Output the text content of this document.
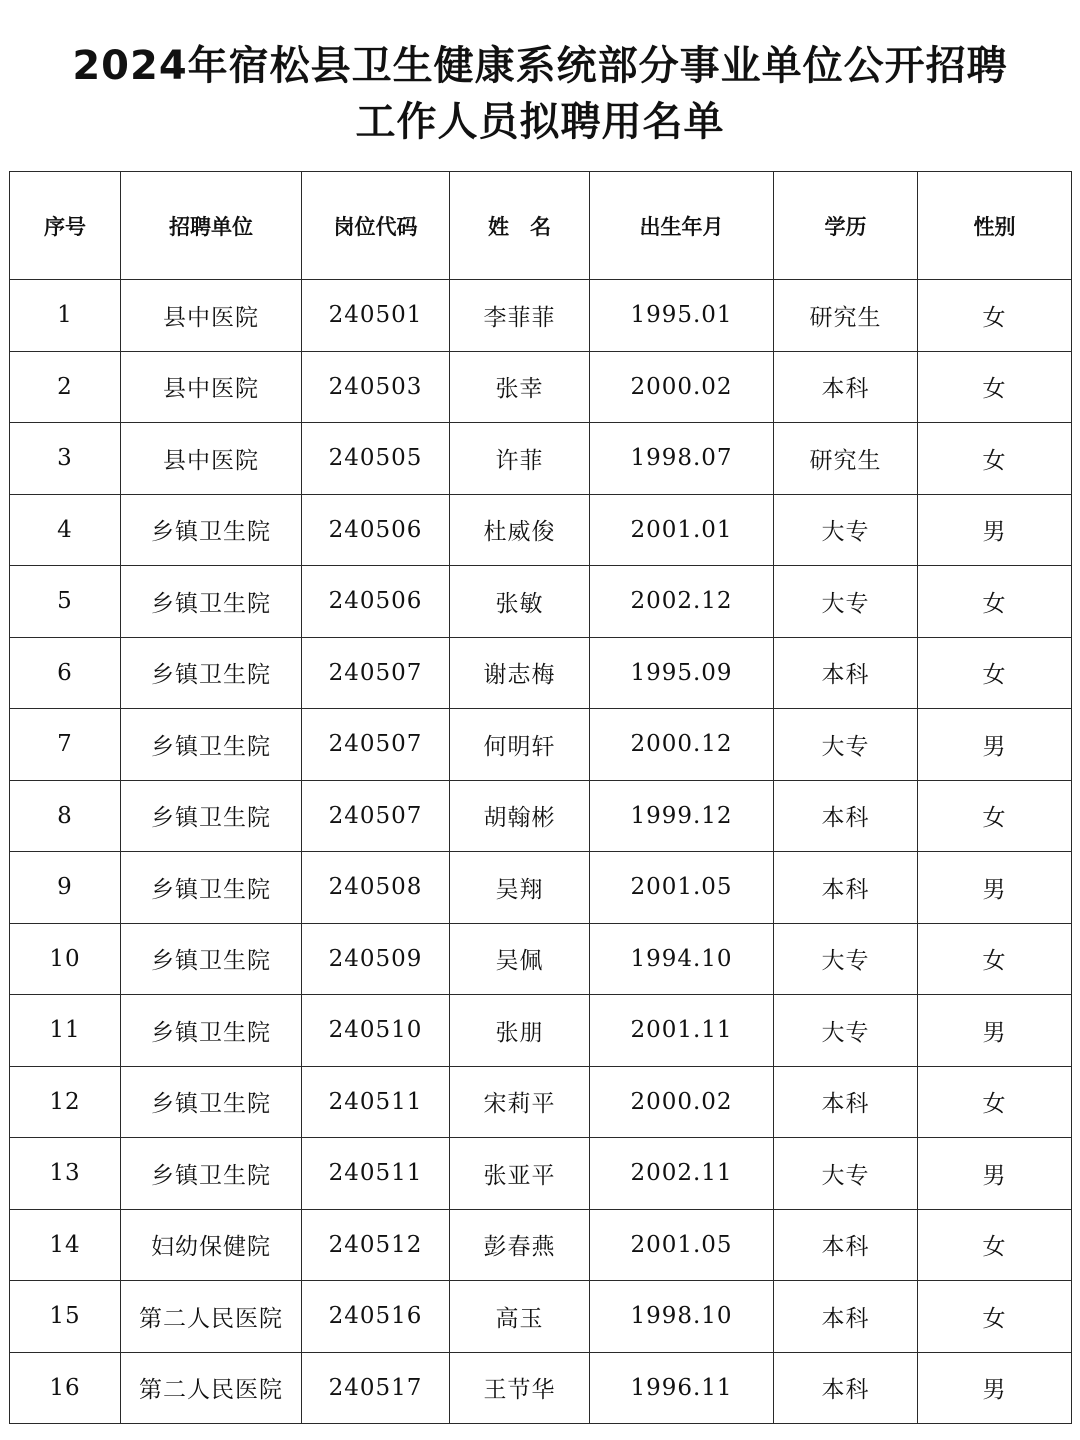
2024年宿松县卫生健康系统部分事业单位公开招聘
工作人员拟聘用名单
序号	招聘单位	岗位代码	姓　名	出生年月	学历	性别
1	县中医院	240501	李菲菲	1995.01	研究生	女
2	县中医院	240503	张幸	2000.02	本科	女
3	县中医院	240505	许菲	1998.07	研究生	女
4	乡镇卫生院	240506	杜威俊	2001.01	大专	男
5	乡镇卫生院	240506	张敏	2002.12	大专	女
6	乡镇卫生院	240507	谢志梅	1995.09	本科	女
7	乡镇卫生院	240507	何明轩	2000.12	大专	男
8	乡镇卫生院	240507	胡翰彬	1999.12	本科	女
9	乡镇卫生院	240508	吴翔	2001.05	本科	男
10	乡镇卫生院	240509	吴佩	1994.10	大专	女
11	乡镇卫生院	240510	张朋	2001.11	大专	男
12	乡镇卫生院	240511	宋莉平	2000.02	本科	女
13	乡镇卫生院	240511	张亚平	2002.11	大专	男
14	妇幼保健院	240512	彭春燕	2001.05	本科	女
15	第二人民医院	240516	高玉	1998.10	本科	女
16	第二人民医院	240517	王节华	1996.11	本科	男
